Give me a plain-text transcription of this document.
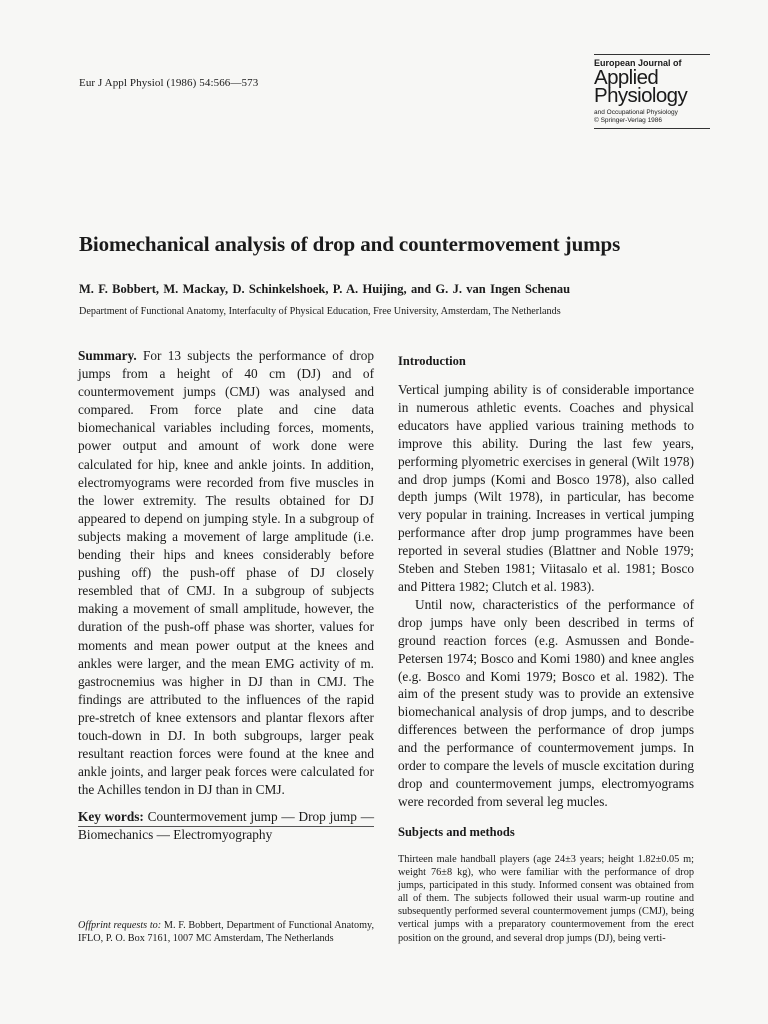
Eur J Appl Physiol (1986) 54:566—573
European Journal of
Applied
Physiology
and Occupational Physiology
© Springer-Verlag 1986
Biomechanical analysis of drop and countermovement jumps
M. F. Bobbert, M. Mackay, D. Schinkelshoek, P. A. Huijing, and G. J. van Ingen Schenau
Department of Functional Anatomy, Interfaculty of Physical Education, Free University, Amsterdam, The Netherlands

Summary. For 13 subjects the performance of drop jumps from a height of 40 cm (DJ) and of countermovement jumps (CMJ) was analysed and compared. From force plate and cine data biomechanical variables including forces, moments, power output and amount of work done were calculated for hip, knee and ankle joints. In addition, electromyograms were recorded from five muscles in the lower extremity. The results obtained for DJ appeared to depend on jumping style. In a subgroup of subjects making a movement of large amplitude (i.e. bending their hips and knees considerably before pushing off) the push-off phase of DJ closely resembled that of CMJ. In a subgroup of subjects making a movement of small amplitude, however, the duration of the push-off phase was shorter, values for moments and mean power output at the knees and ankles were larger, and the mean EMG activity of m. gastrocnemius was higher in DJ than in CMJ. The findings are attributed to the influences of the rapid pre-stretch of knee extensors and plantar flexors after touch-down in DJ. In both subgroups, larger peak resultant reaction forces were found at the knee and ankle joints, and larger peak forces were calculated for the Achilles tendon in DJ than in CMJ.

Key words: Countermovement jump — Drop jump — Biomechanics — Electromyography

Offprint requests to: M. F. Bobbert, Department of Functional Anatomy, IFLO, P. O. Box 7161, 1007 MC Amsterdam, The Netherlands
Introduction

Vertical jumping ability is of considerable importance in numerous athletic events. Coaches and physical educators have applied various training methods to improve this ability. During the last few years, performing plyometric exercises in general (Wilt 1978) and drop jumps (Komi and Bosco 1978), also called depth jumps (Wilt 1978), in particular, has become very popular in training. Increases in vertical jumping performance after drop jump programmes have been reported in several studies (Blattner and Noble 1979; Steben and Steben 1981; Viitasalo et al. 1981; Bosco and Pittera 1982; Clutch et al. 1983).

Until now, characteristics of the performance of drop jumps have only been described in terms of ground reaction forces (e.g. Asmussen and Bonde-Petersen 1974; Bosco and Komi 1980) and knee angles (e.g. Bosco and Komi 1979; Bosco et al. 1982). The aim of the present study was to provide an extensive biomechanical analysis of drop jumps, and to describe differences between the performance of drop jumps and the performance of countermovement jumps. In order to compare the levels of muscle excitation during drop and countermovement jumps, electromyograms were recorded from several leg mucles.

Subjects and methods

Thirteen male handball players (age 24±3 years; height 1.82±0.05 m; weight 76±8 kg), who were familiar with the performance of drop jumps, participated in this study. Informed consent was obtained from all of them. The subjects followed their usual warm-up routine and subsequently performed several countermovement jumps (CMJ), being vertical jumps with a preparatory countermovement from the erect position on the ground, and several drop jumps (DJ), being verti-
